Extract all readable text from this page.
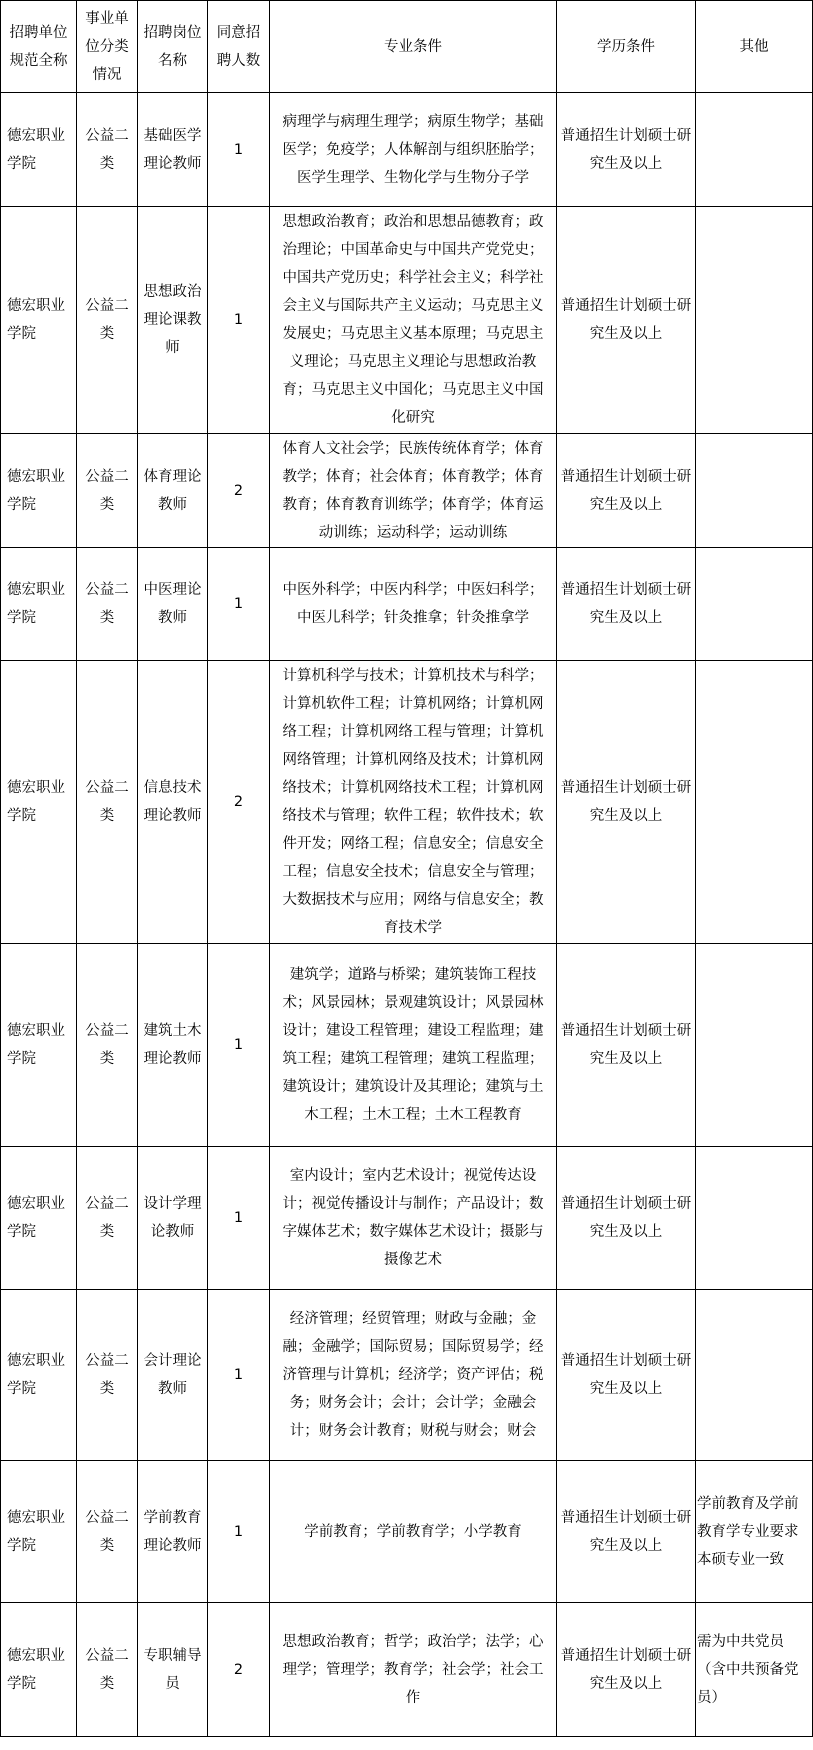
招聘单位规范全称	事业单位分类情况	招聘岗位名称	同意招聘人数	专业条件	学历条件	其他
德宏职业学院	公益二类	基础医学理论教师	1	病理学与病理生理学；病原生物学；基础医学；免疫学；人体解剖与组织胚胎学；医学生理学、生物化学与生物分子学	普通招生计划硕士研究生及以上	
德宏职业学院	公益二类	思想政治理论课教师	1	思想政治教育；政治和思想品德教育；政治理论；中国革命史与中国共产党党史；中国共产党历史；科学社会主义；科学社会主义与国际共产主义运动；马克思主义发展史；马克思主义基本原理；马克思主义理论；马克思主义理论与思想政治教育；马克思主义中国化；马克思主义中国化研究	普通招生计划硕士研究生及以上	
德宏职业学院	公益二类	体育理论教师	2	体育人文社会学；民族传统体育学；体育教学；体育；社会体育；体育教学；体育教育；体育教育训练学；体育学；体育运动训练；运动科学；运动训练	普通招生计划硕士研究生及以上	
德宏职业学院	公益二类	中医理论教师	1	中医外科学；中医内科学；中医妇科学；中医儿科学；针灸推拿；针灸推拿学	普通招生计划硕士研究生及以上	
德宏职业学院	公益二类	信息技术理论教师	2	计算机科学与技术；计算机技术与科学；计算机软件工程；计算机网络；计算机网络工程；计算机网络工程与管理；计算机网络管理；计算机网络及技术；计算机网络技术；计算机网络技术工程；计算机网络技术与管理；软件工程；软件技术；软件开发；网络工程；信息安全；信息安全工程；信息安全技术；信息安全与管理；大数据技术与应用；网络与信息安全；教育技术学	普通招生计划硕士研究生及以上	
德宏职业学院	公益二类	建筑土木理论教师	1	建筑学；道路与桥梁；建筑装饰工程技术；风景园林；景观建筑设计；风景园林设计；建设工程管理；建设工程监理；建筑工程；建筑工程管理；建筑工程监理；建筑设计；建筑设计及其理论；建筑与土木工程；土木工程；土木工程教育	普通招生计划硕士研究生及以上	
德宏职业学院	公益二类	设计学理论教师	1	室内设计；室内艺术设计；视觉传达设计；视觉传播设计与制作；产品设计；数字媒体艺术；数字媒体艺术设计；摄影与摄像艺术	普通招生计划硕士研究生及以上	
德宏职业学院	公益二类	会计理论教师	1	经济管理；经贸管理；财政与金融；金融；金融学；国际贸易；国际贸易学；经济管理与计算机；经济学；资产评估；税务；财务会计；会计；会计学；金融会计；财务会计教育；财税与财会；财会	普通招生计划硕士研究生及以上	
德宏职业学院	公益二类	学前教育理论教师	1	学前教育；学前教育学；小学教育	普通招生计划硕士研究生及以上	学前教育及学前教育学专业要求本硕专业一致
德宏职业学院	公益二类	专职辅导员	2	思想政治教育；哲学；政治学；法学；心理学；管理学；教育学；社会学；社会工作	普通招生计划硕士研究生及以上	需为中共党员（含中共预备党员）
